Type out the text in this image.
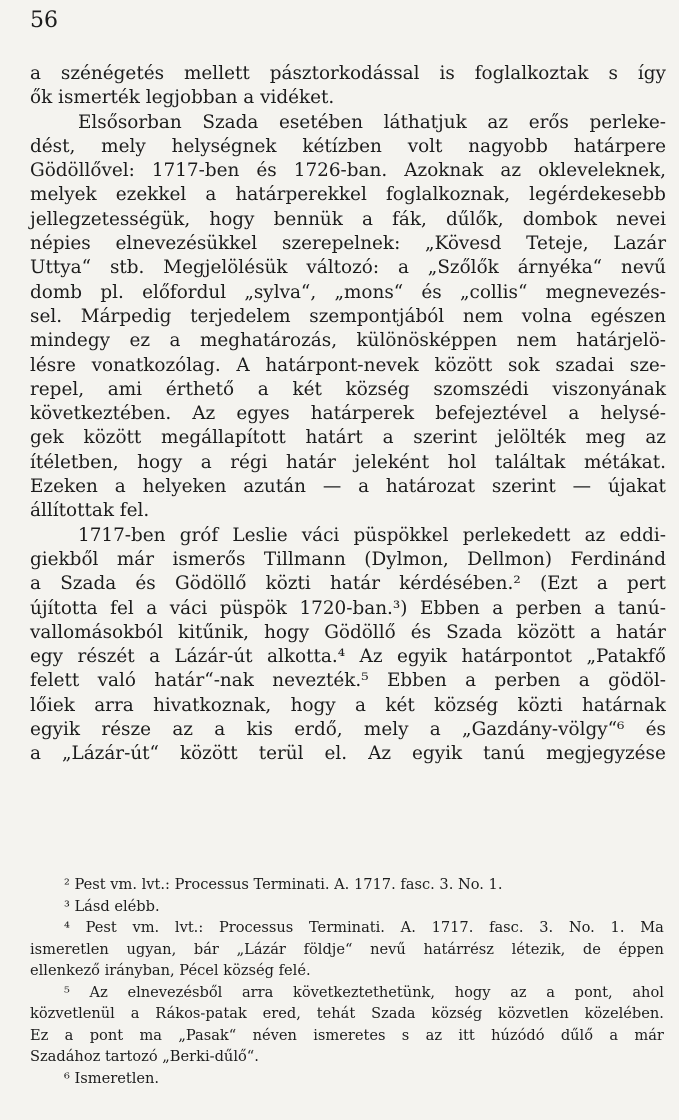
56
a szénégetés mellett pásztorkodással is foglalkoztak s így
ők ismerték legjobban a vidéket.
Elsősorban Szada esetében láthatjuk az erős perleke-
dést, mely helységnek kétízben volt nagyobb határpere
Gödöllővel: 1717-ben és 1726-ban. Azoknak az okleveleknek,
melyek ezekkel a határperekkel foglalkoznak, legérdekesebb
jellegzetességük, hogy bennük a fák, dűlők, dombok nevei
népies elnevezésükkel szerepelnek: „Kövesd Teteje, Lazár
Uttya“ stb. Megjelölésük változó: a „Szőlők árnyéka“ nevű
domb pl. előfordul „sylva“, „mons“ és „collis“ megnevezés-
sel. Márpedig terjedelem szempontjából nem volna egészen
mindegy ez a meghatározás, különösképpen nem határjelö-
lésre vonatkozólag. A határpont-nevek között sok szadai sze-
repel, ami érthető a két község szomszédi viszonyának
következtében. Az egyes határperek befejeztével a helysé-
gek között megállapított határt a szerint jelölték meg az
ítéletben, hogy a régi határ jeleként hol találtak métákat.
Ezeken a helyeken azután — a határozat szerint — újakat
állítottak fel.
1717-ben gróf Leslie váci püspökkel perlekedett az eddi-
giekből már ismerős Tillmann (Dylmon, Dellmon) Ferdinánd
a Szada és Gödöllő közti határ kérdésében.² (Ezt a pert
újította fel a váci püspök 1720-ban.³) Ebben a perben a tanú-
vallomásokból kitűnik, hogy Gödöllő és Szada között a határ
egy részét a Lázár-út alkotta.⁴ Az egyik határpontot „Patakfő
felett való határ“-nak nevezték.⁵ Ebben a perben a gödöl-
lőiek arra hivatkoznak, hogy a két község közti határnak
egyik része az a kis erdő, mely a „Gazdány-völgy“⁶ és
a „Lázár-út“ között terül el. Az egyik tanú megjegyzése
² Pest vm. lvt.: Processus Terminati. A. 1717. fasc. 3. No. 1.
³ Lásd elébb.
⁴ Pest vm. lvt.: Processus Terminati. A. 1717. fasc. 3. No. 1. Ma
ismeretlen ugyan, bár „Lázár földje“ nevű határrész létezik, de éppen
ellenkező irányban, Pécel község felé.
⁵ Az elnevezésből arra következtethetünk, hogy az a pont, ahol
közvetlenül a Rákos-patak ered, tehát Szada község közvetlen közelében.
Ez a pont ma „Pasak“ néven ismeretes s az itt húzódó dűlő a már
Szadához tartozó „Berki-dűlő“.
⁶ Ismeretlen.
